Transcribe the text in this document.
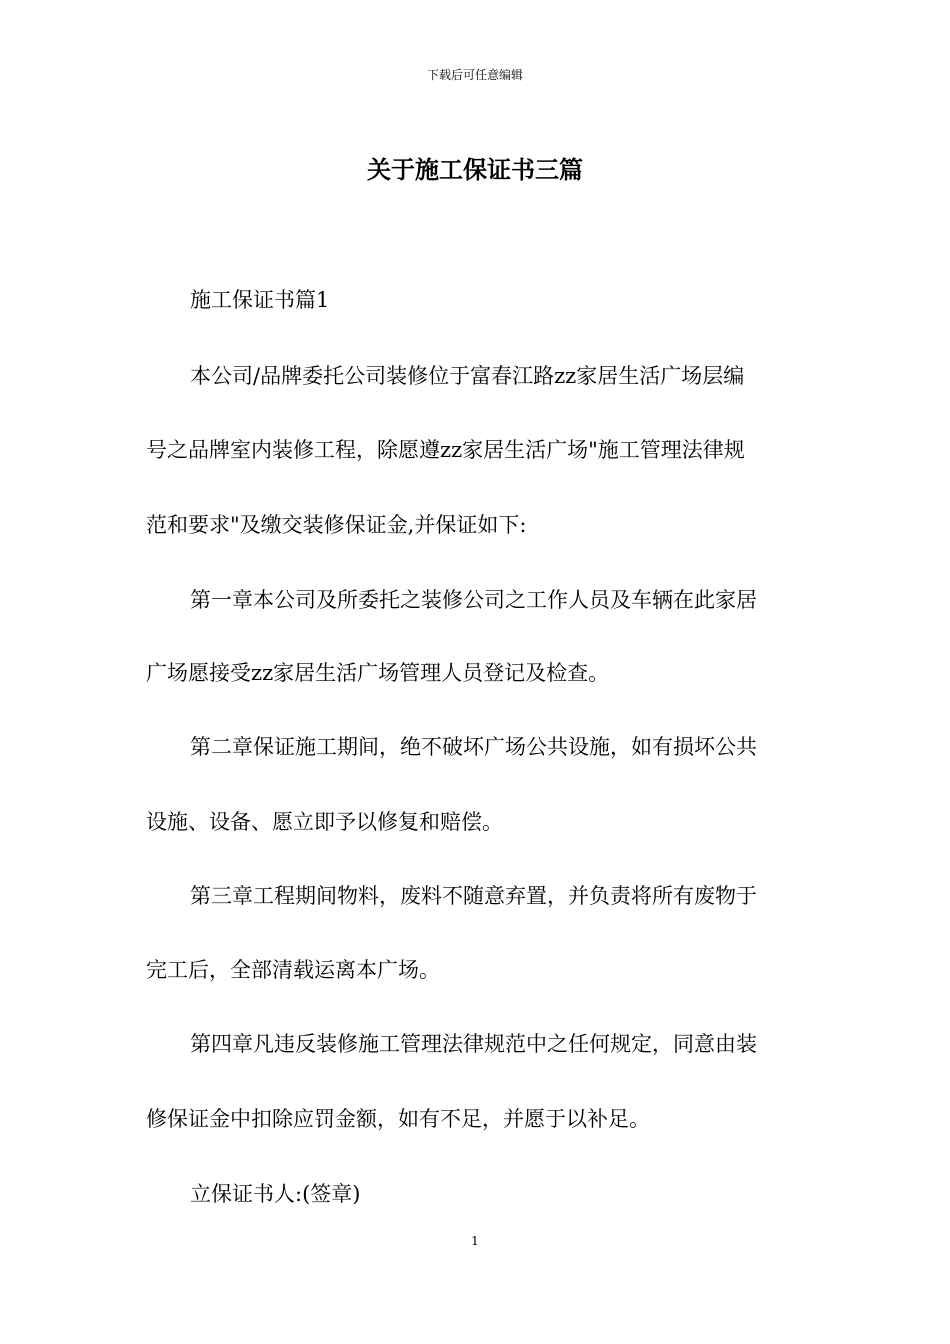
下载后可任意编辑
关于施工保证书三篇
施工保证书篇1
本公司/品牌委托公司装修位于富春江路zz家居生活广场层编
号之品牌室内装修工程，除愿遵zz家居生活广场"施工管理法律规
范和要求"及缴交装修保证金,并保证如下:
第一章本公司及所委托之装修公司之工作人员及车辆在此家居
广场愿接受zz家居生活广场管理人员登记及检查。
第二章保证施工期间，绝不破坏广场公共设施，如有损坏公共
设施、设备、愿立即予以修复和赔偿。
第三章工程期间物料，废料不随意弃置，并负责将所有废物于
完工后，全部清载运离本广场。
第四章凡违反装修施工管理法律规范中之任何规定，同意由装
修保证金中扣除应罚金额，如有不足，并愿于以补足。
立保证书人:(签章)
1
